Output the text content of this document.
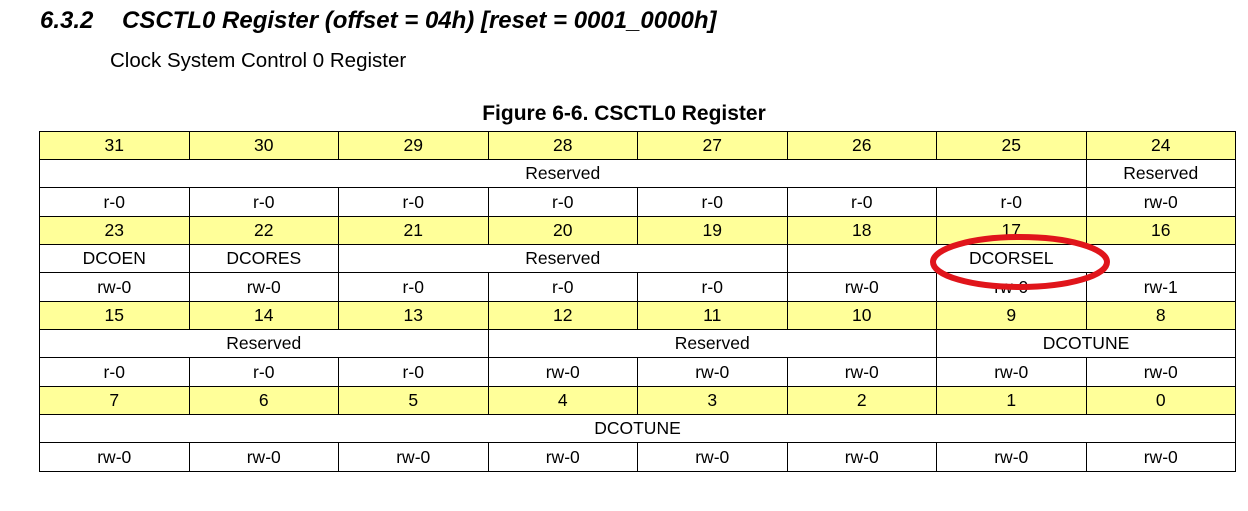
6.3.2 CSCTL0 Register (offset = 04h) [reset = 0001_0000h]
Clock System Control 0 Register
Figure 6-6. CSCTL0 Register
31	30	29	28	27	26	25	24
Reserved							Reserved
r-0	r-0	r-0	r-0	r-0	r-0	r-0	rw-0
23	22	21	20	19	18	17	16
DCOEN	DCORES	Reserved			DCORSEL		
rw-0	rw-0	r-0	r-0	r-0	rw-0	rw-0	rw-1
15	14	13	12	11	10	9	8
Reserved			Reserved			DCOTUNE	
r-0	r-0	r-0	rw-0	rw-0	rw-0	rw-0	rw-0
7	6	5	4	3	2	1	0
DCOTUNE							
rw-0	rw-0	rw-0	rw-0	rw-0	rw-0	rw-0	rw-0
